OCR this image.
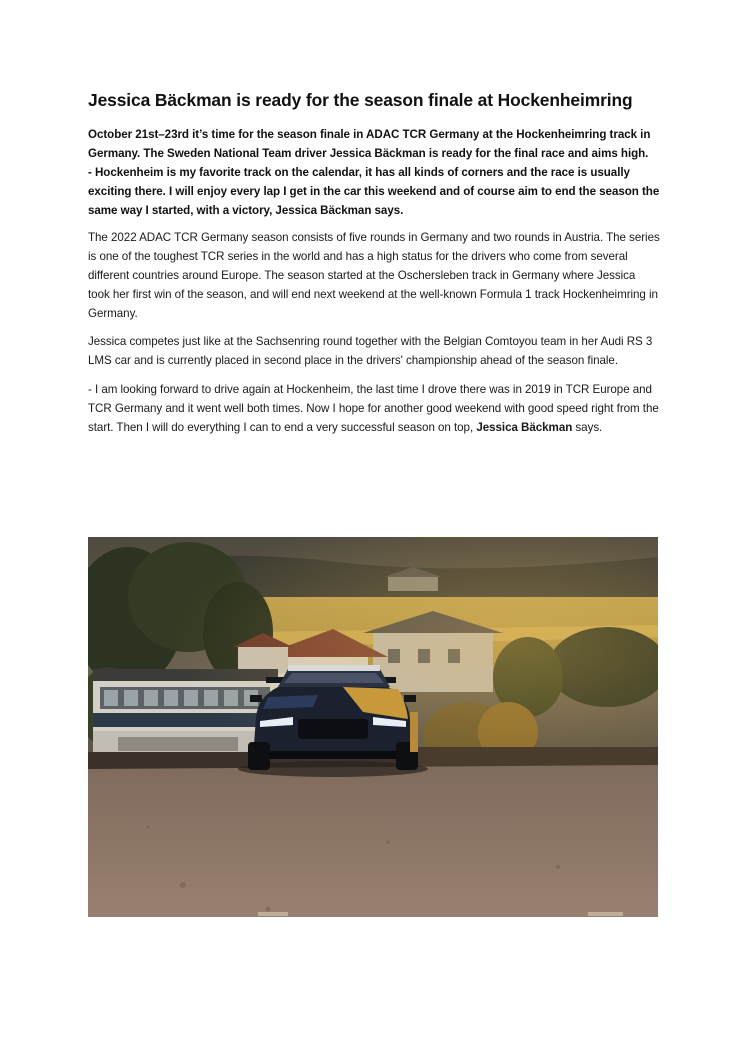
Jessica Bäckman is ready for the season finale at Hockenheimring

October 21st–23rd it’s time for the season finale in ADAC TCR Germany at the Hockenheimring track in Germany. The Sweden National Team driver Jessica Bäckman is ready for the final race and aims high.
- Hockenheim is my favorite track on the calendar, it has all kinds of corners and the race is usually exciting there. I will enjoy every lap I get in the car this weekend and of course aim to end the season the same way I started, with a victory, Jessica Bäckman says.

The 2022 ADAC TCR Germany season consists of five rounds in Germany and two rounds in Austria. The series is one of the toughest TCR series in the world and has a high status for the drivers who come from several different countries around Europe. The season started at the Oschersleben track in Germany where Jessica took her first win of the season, and will end next weekend at the well-known Formula 1 track Hockenheimring in Germany.

Jessica competes just like at the Sachsenring round together with the Belgian Comtoyou team in her Audi RS 3 LMS car and is currently placed in second place in the drivers' championship ahead of the season finale.

- I am looking forward to drive again at Hockenheim, the last time I drove there was in 2019 in TCR Europe and TCR Germany and it went well both times. Now I hope for another good weekend with good speed right from the start. Then I will do everything I can to end a very successful season on top, Jessica Bäckman says.
